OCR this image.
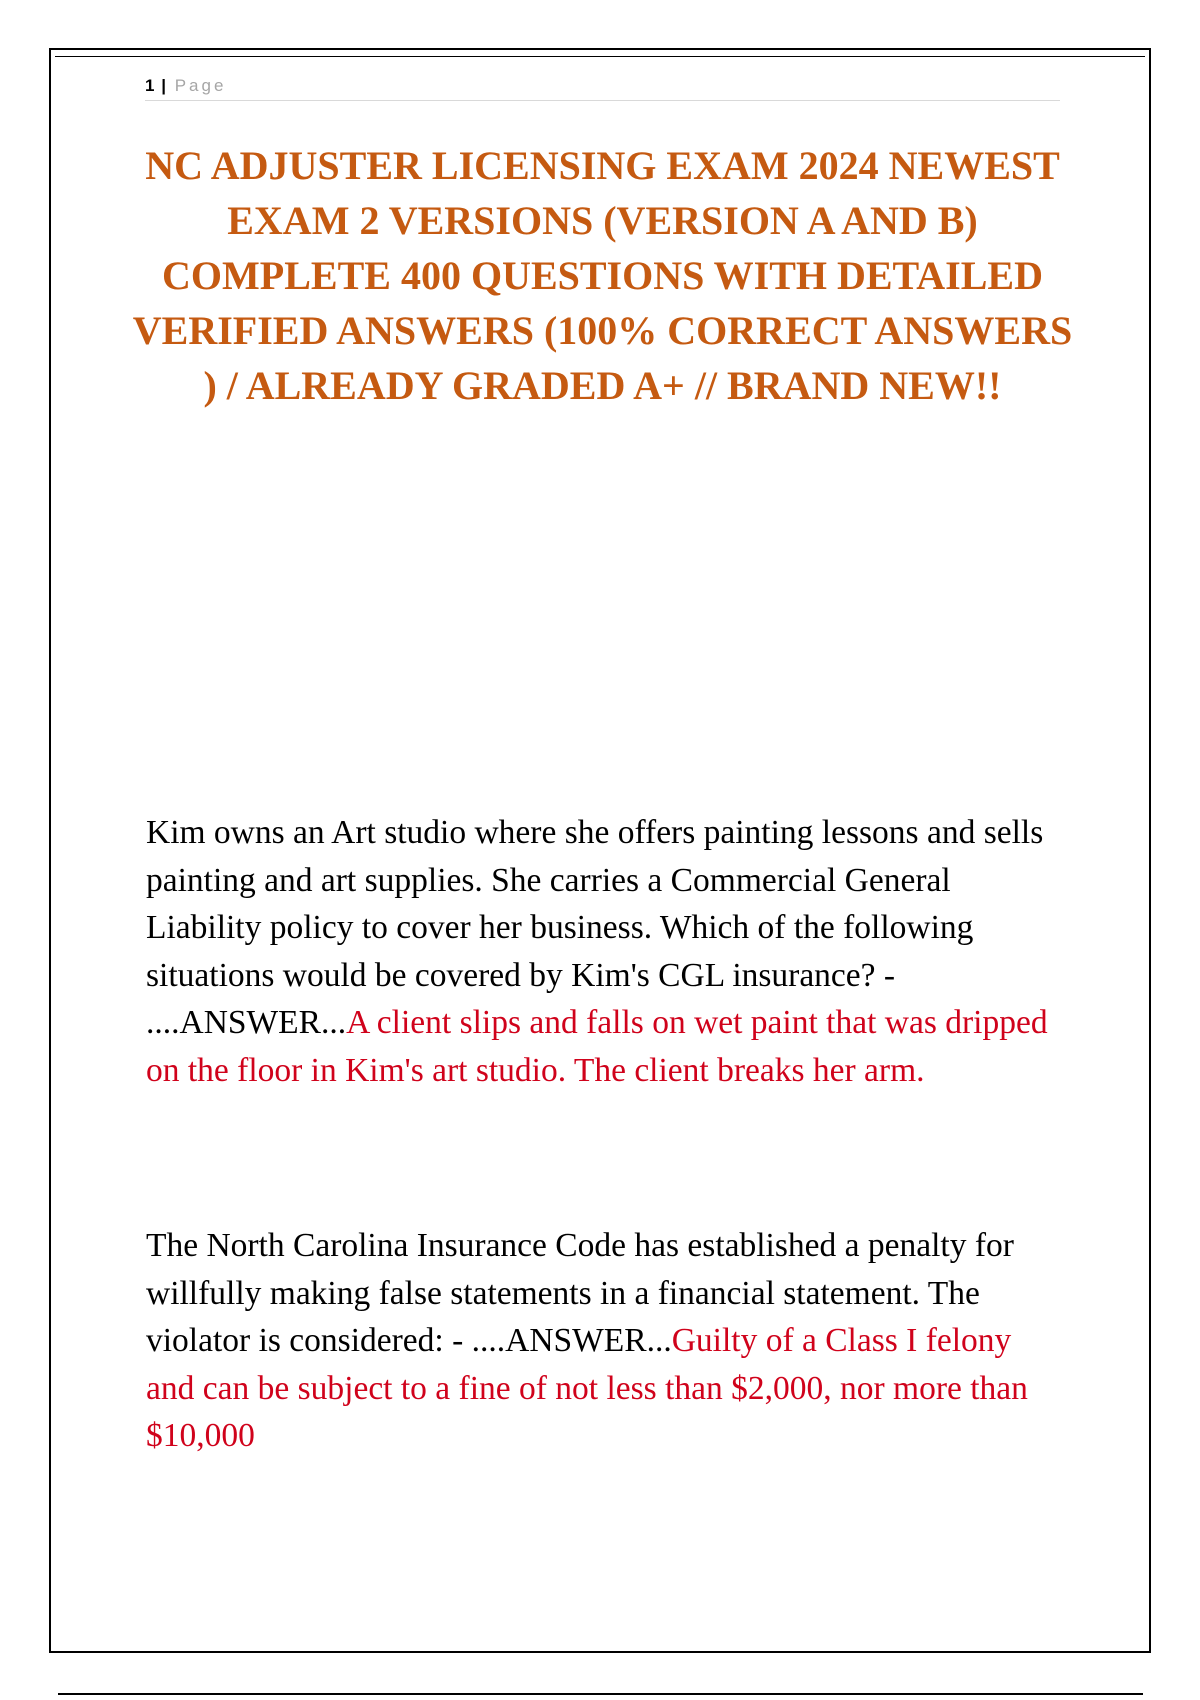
1 | Page
NC ADJUSTER LICENSING EXAM 2024 NEWEST EXAM 2 VERSIONS (VERSION A AND B) COMPLETE 400 QUESTIONS WITH DETAILED VERIFIED ANSWERS (100% CORRECT ANSWERS ) / ALREADY GRADED A+ // BRAND NEW!!

Kim owns an Art studio where she offers painting lessons and sells painting and art supplies. She carries a Commercial General Liability policy to cover her business. Which of the following situations would be covered by Kim's CGL insurance? - ....ANSWER...A client slips and falls on wet paint that was dripped on the floor in Kim's art studio. The client breaks her arm.

The North Carolina Insurance Code has established a penalty for willfully making false statements in a financial statement. The violator is considered: - ....ANSWER...Guilty of a Class I felony and can be subject to a fine of not less than $2,000, nor more than $10,000
